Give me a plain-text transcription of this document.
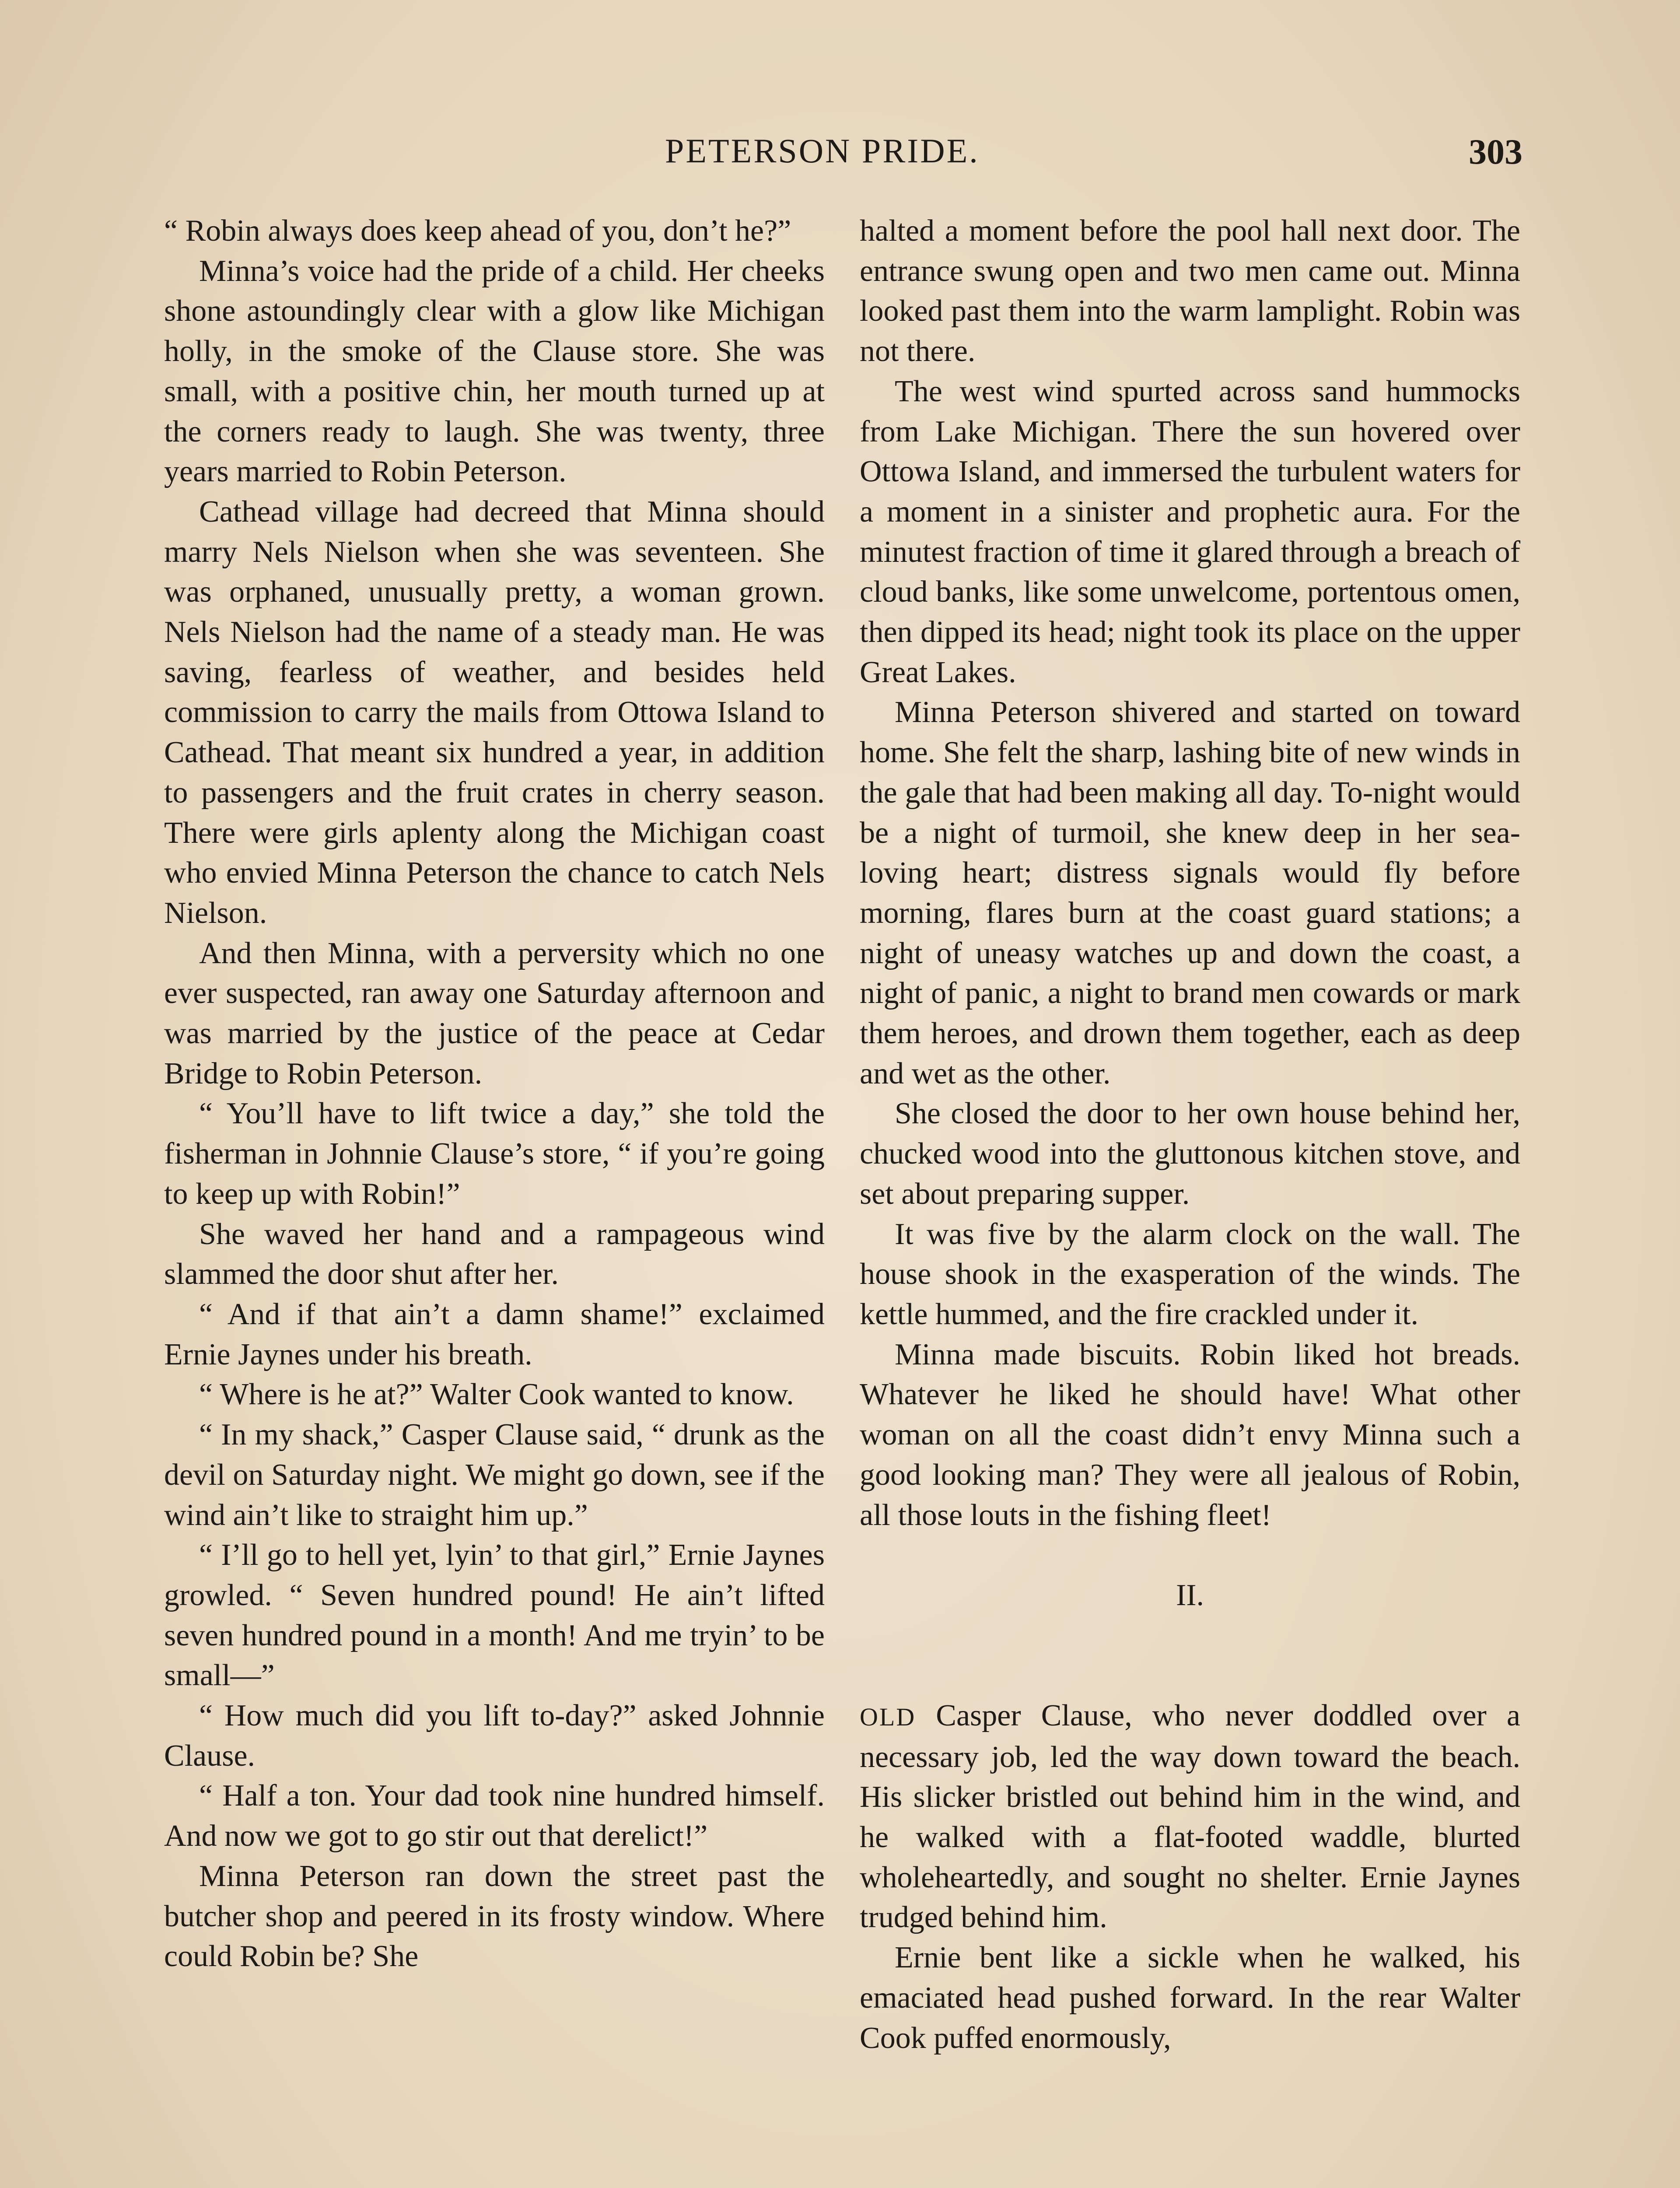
PETERSON PRIDE.	303

“ Robin always does keep ahead of you, don’t he?”

Minna’s voice had the pride of a child. Her cheeks shone astoundingly clear with a glow like Michigan holly, in the smoke of the Clause store. She was small, with a positive chin, her mouth turned up at the corners ready to laugh. She was twenty, three years married to Robin Peterson.

Cathead village had decreed that Minna should marry Nels Nielson when she was seventeen. She was orphaned, unusually pretty, a woman grown. Nels Nielson had the name of a steady man. He was saving, fearless of weather, and besides held commission to carry the mails from Ottowa Island to Cathead. That meant six hundred a year, in addition to passengers and the fruit crates in cherry season. There were girls aplenty along the Michigan coast who envied Minna Peterson the chance to catch Nels Nielson.

And then Minna, with a perversity which no one ever suspected, ran away one Saturday afternoon and was married by the justice of the peace at Cedar Bridge to Robin Peterson.

“ You’ll have to lift twice a day,” she told the fisherman in Johnnie Clause’s store, “ if you’re going to keep up with Robin!”

She waved her hand and a rampageous wind slammed the door shut after her.

“ And if that ain’t a damn shame!” exclaimed Ernie Jaynes under his breath.

“ Where is he at?” Walter Cook wanted to know.

“ In my shack,” Casper Clause said, “ drunk as the devil on Saturday night. We might go down, see if the wind ain’t like to straight him up.”

“ I’ll go to hell yet, lyin’ to that girl,” Ernie Jaynes growled. “ Seven hundred pound! He ain’t lifted seven hundred pound in a month! And me tryin’ to be small—”

“ How much did you lift to-day?” asked Johnnie Clause.

“ Half a ton. Your dad took nine hundred himself. And now we got to go stir out that derelict!”

Minna Peterson ran down the street past the butcher shop and peered in its frosty window. Where could Robin be? She

halted a moment before the pool hall next door. The entrance swung open and two men came out. Minna looked past them into the warm lamplight. Robin was not there.

The west wind spurted across sand hummocks from Lake Michigan. There the sun hovered over Ottowa Island, and immersed the turbulent waters for a moment in a sinister and prophetic aura. For the minutest fraction of time it glared through a breach of cloud banks, like some unwelcome, portentous omen, then dipped its head; night took its place on the upper Great Lakes.

Minna Peterson shivered and started on toward home. She felt the sharp, lashing bite of new winds in the gale that had been making all day. To-night would be a night of turmoil, she knew deep in her sea-loving heart; distress signals would fly before morning, flares burn at the coast guard stations; a night of uneasy watches up and down the coast, a night of panic, a night to brand men cowards or mark them heroes, and drown them together, each as deep and wet as the other.

She closed the door to her own house behind her, chucked wood into the gluttonous kitchen stove, and set about preparing supper.

It was five by the alarm clock on the wall. The house shook in the exasperation of the winds. The kettle hummed, and the fire crackled under it.

Minna made biscuits. Robin liked hot breads. Whatever he liked he should have! What other woman on all the coast didn’t envy Minna such a good looking man? They were all jealous of Robin, all those louts in the fishing fleet!

II.

OLD Casper Clause, who never doddled over a necessary job, led the way down toward the beach. His slicker bristled out behind him in the wind, and he walked with a flat-footed waddle, blurted wholeheartedly, and sought no shelter. Ernie Jaynes trudged behind him.

Ernie bent like a sickle when he walked, his emaciated head pushed forward. In the rear Walter Cook puffed enormously,
